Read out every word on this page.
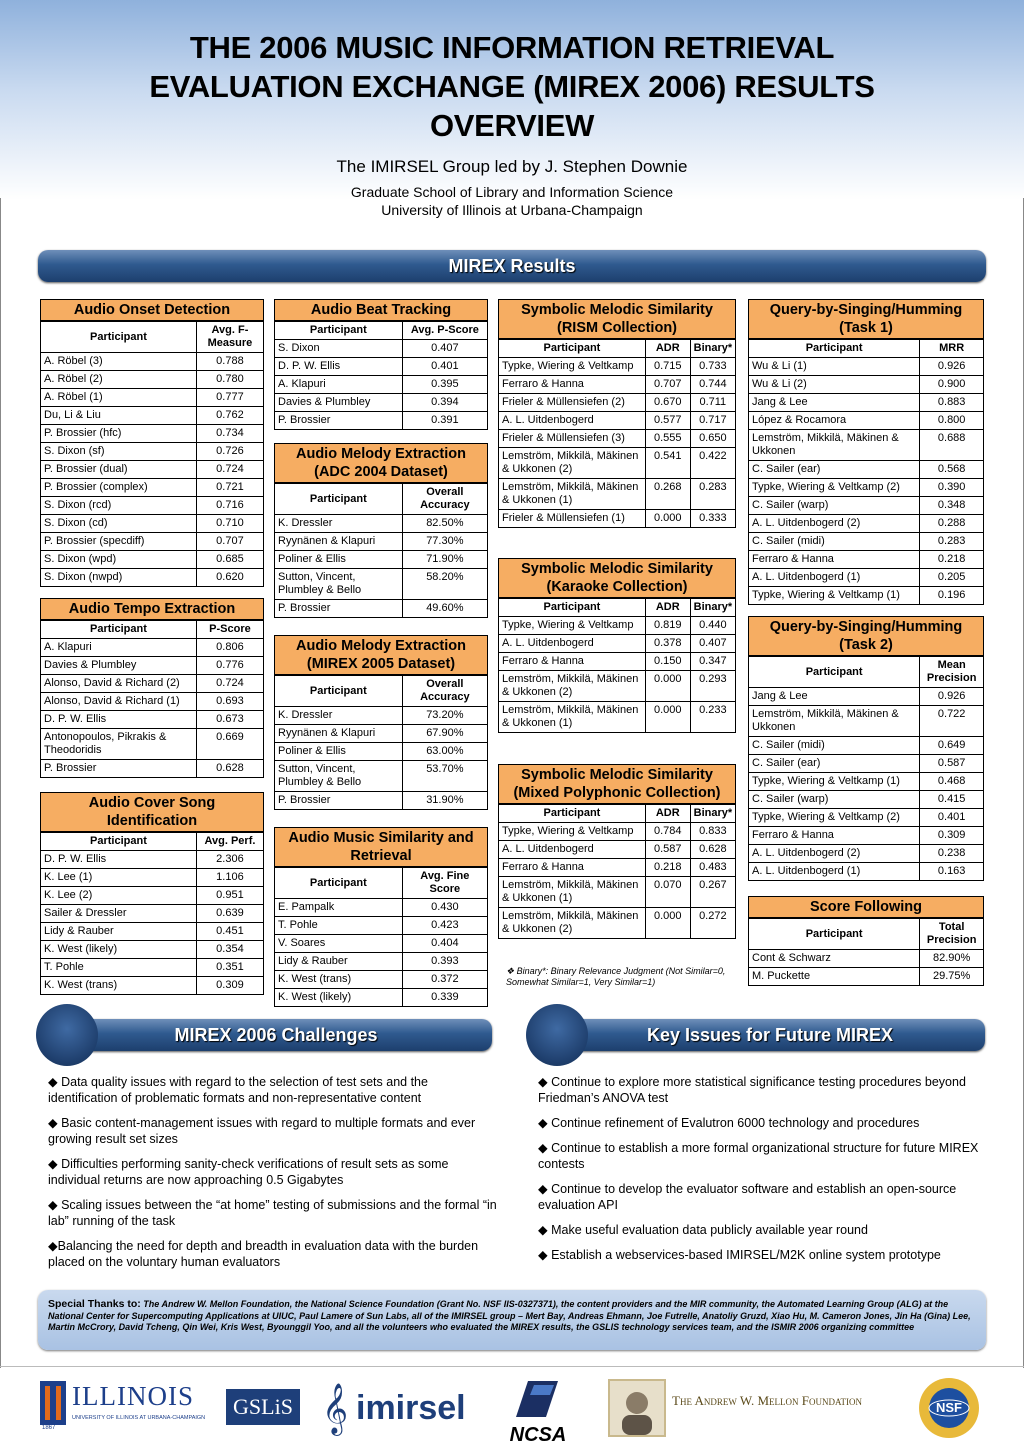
THE 2006 MUSIC INFORMATION RETRIEVAL EVALUATION EXCHANGE (MIREX 2006) RESULTS OVERVIEW
The IMIRSEL Group led by J. Stephen Downie
Graduate School of Library and Information Science
University of Illinois at Urbana-Champaign
MIREX Results
Audio Onset Detection
Participant	Avg. F-Measure
A. Röbel (3)	0.788
A. Röbel (2)	0.780
A. Röbel (1)	0.777
Du, Li & Liu	0.762
P. Brossier (hfc)	0.734
S. Dixon (sf)	0.726
P. Brossier (dual)	0.724
P. Brossier (complex)	0.721
S. Dixon (rcd)	0.716
S. Dixon (cd)	0.710
P. Brossier (specdiff)	0.707
S. Dixon (wpd)	0.685
S. Dixon (nwpd)	0.620
Audio Tempo Extraction
Participant	P-Score
A. Klapuri	0.806
Davies & Plumbley	0.776
Alonso, David & Richard (2)	0.724
Alonso, David & Richard (1)	0.693
D. P. W. Ellis	0.673
Antonopoulos, Pikrakis & Theodoridis	0.669
P. Brossier	0.628
Audio Cover Song Identification
Participant	Avg. Perf.
D. P. W. Ellis	2.306
K. Lee (1)	1.106
K. Lee (2)	0.951
Sailer & Dressler	0.639
Lidy & Rauber	0.451
K. West (likely)	0.354
T. Pohle	0.351
K. West (trans)	0.309
Audio Beat Tracking
Participant	Avg. P-Score
S. Dixon	0.407
D. P. W. Ellis	0.401
A. Klapuri	0.395
Davies & Plumbley	0.394
P. Brossier	0.391
Audio Melody Extraction (ADC 2004 Dataset)
Participant	Overall Accuracy
K. Dressler	82.50%
Ryynänen & Klapuri	77.30%
Poliner & Ellis	71.90%
Sutton, Vincent, Plumbley & Bello	58.20%
P. Brossier	49.60%
Audio Melody Extraction (MIREX 2005 Dataset)
Participant	Overall Accuracy
K. Dressler	73.20%
Ryynänen & Klapuri	67.90%
Poliner & Ellis	63.00%
Sutton, Vincent, Plumbley & Bello	53.70%
P. Brossier	31.90%
Audio Music Similarity and Retrieval
Participant	Avg. Fine Score
E. Pampalk	0.430
T. Pohle	0.423
V. Soares	0.404
Lidy & Rauber	0.393
K. West (trans)	0.372
K. West (likely)	0.339
Symbolic Melodic Similarity (RISM Collection)
Participant	ADR	Binary*
Typke, Wiering & Veltkamp	0.715	0.733
Ferraro & Hanna	0.707	0.744
Frieler & Müllensiefen (2)	0.670	0.711
A. L. Uitdenbogerd	0.577	0.717
Frieler & Müllensiefen (3)	0.555	0.650
Lemström, Mikkilä, Mäkinen & Ukkonen (2)	0.541	0.422
Lemström, Mikkilä, Mäkinen & Ukkonen (1)	0.268	0.283
Frieler & Müllensiefen (1)	0.000	0.333
Symbolic Melodic Similarity (Karaoke Collection)
Participant	ADR	Binary*
Typke, Wiering & Veltkamp	0.819	0.440
A. L. Uitdenbogerd	0.378	0.407
Ferraro & Hanna	0.150	0.347
Lemström, Mikkilä, Mäkinen & Ukkonen (2)	0.000	0.293
Lemström, Mikkilä, Mäkinen & Ukkonen (1)	0.000	0.233
Symbolic Melodic Similarity (Mixed Polyphonic Collection)
Participant	ADR	Binary*
Typke, Wiering & Veltkamp	0.784	0.833
A. L. Uitdenbogerd	0.587	0.628
Ferraro & Hanna	0.218	0.483
Lemström, Mikkilä, Mäkinen & Ukkonen (1)	0.070	0.267
Lemström, Mikkilä, Mäkinen & Ukkonen (2)	0.000	0.272
❖ Binary*: Binary Relevance Judgment (Not Similar=0, Somewhat Similar=1, Very Similar=1)
Query-by-Singing/Humming (Task 1)
Participant	MRR
Wu & Li (1)	0.926
Wu & Li (2)	0.900
Jang & Lee	0.883
López & Rocamora	0.800
Lemström, Mikkilä, Mäkinen & Ukkonen	0.688
C. Sailer (ear)	0.568
Typke, Wiering & Veltkamp (2)	0.390
C. Sailer (warp)	0.348
A. L. Uitdenbogerd (2)	0.288
C. Sailer (midi)	0.283
Ferraro & Hanna	0.218
A. L. Uitdenbogerd (1)	0.205
Typke, Wiering & Veltkamp (1)	0.196
Query-by-Singing/Humming (Task 2)
Participant	Mean Precision
Jang & Lee	0.926
Lemström, Mikkilä, Mäkinen & Ukkonen	0.722
C. Sailer (midi)	0.649
C. Sailer (ear)	0.587
Typke, Wiering & Veltkamp (1)	0.468
C. Sailer (warp)	0.415
Typke, Wiering & Veltkamp (2)	0.401
Ferraro & Hanna	0.309
A. L. Uitdenbogerd (2)	0.238
A. L. Uitdenbogerd (1)	0.163
Score Following
Participant	Total Precision
Cont & Schwarz	82.90%
M. Puckette	29.75%
MIREX 2006 Challenges	Key Issues for Future MIREX

◆ Data quality issues with regard to the selection of test sets and the identification of problematic formats and non-representative content

◆ Basic content-management issues with regard to multiple formats and ever growing result set sizes

◆ Difficulties performing sanity-check verifications of result sets as some individual returns are now approaching 0.5 Gigabytes

◆ Scaling issues between the “at home” testing of submissions and the formal “in lab” running of the task

◆Balancing the need for depth and breadth in evaluation data with the burden placed on the voluntary human evaluators

◆ Continue to explore more statistical significance testing procedures beyond Friedman’s ANOVA test

◆ Continue refinement of Evalutron 6000 technology and procedures

◆ Continue to establish a more formal organizational structure for future MIREX contests

◆ Continue to develop the evaluator software and establish an open-source evaluation API

◆ Make useful evaluation data publicly available year round

◆ Establish a webservices-based IMIRSEL/M2K online system prototype

Special Thanks to: The Andrew W. Mellon Foundation, the National Science Foundation (Grant No. NSF IIS-0327371), the content providers and the MIR community, the Automated Learning Group (ALG) at the National Center for Supercomputing Applications at UIUC, Paul Lamere of Sun Labs, all of the IMIRSEL group – Mert Bay, Andreas Ehmann, Joe Futrelle, Anatoliy Gruzd, Xiao Hu, M. Cameron Jones, Jin Ha (Gina) Lee, Martin McCrory, David Tcheng, Qin Wei, Kris West, Byounggil Yoo, and all the volunteers who evaluated the MIREX results, the GSLIS technology services team, and the ISMIR 2006 organizing committee
ILLINOIS
UNIVERSITY OF ILLINOIS AT URBANA-CHAMPAIGN
1867
GSLiS 𝄞 imirsel
NCSA
The Andrew W. Mellon Foundation	NSF
